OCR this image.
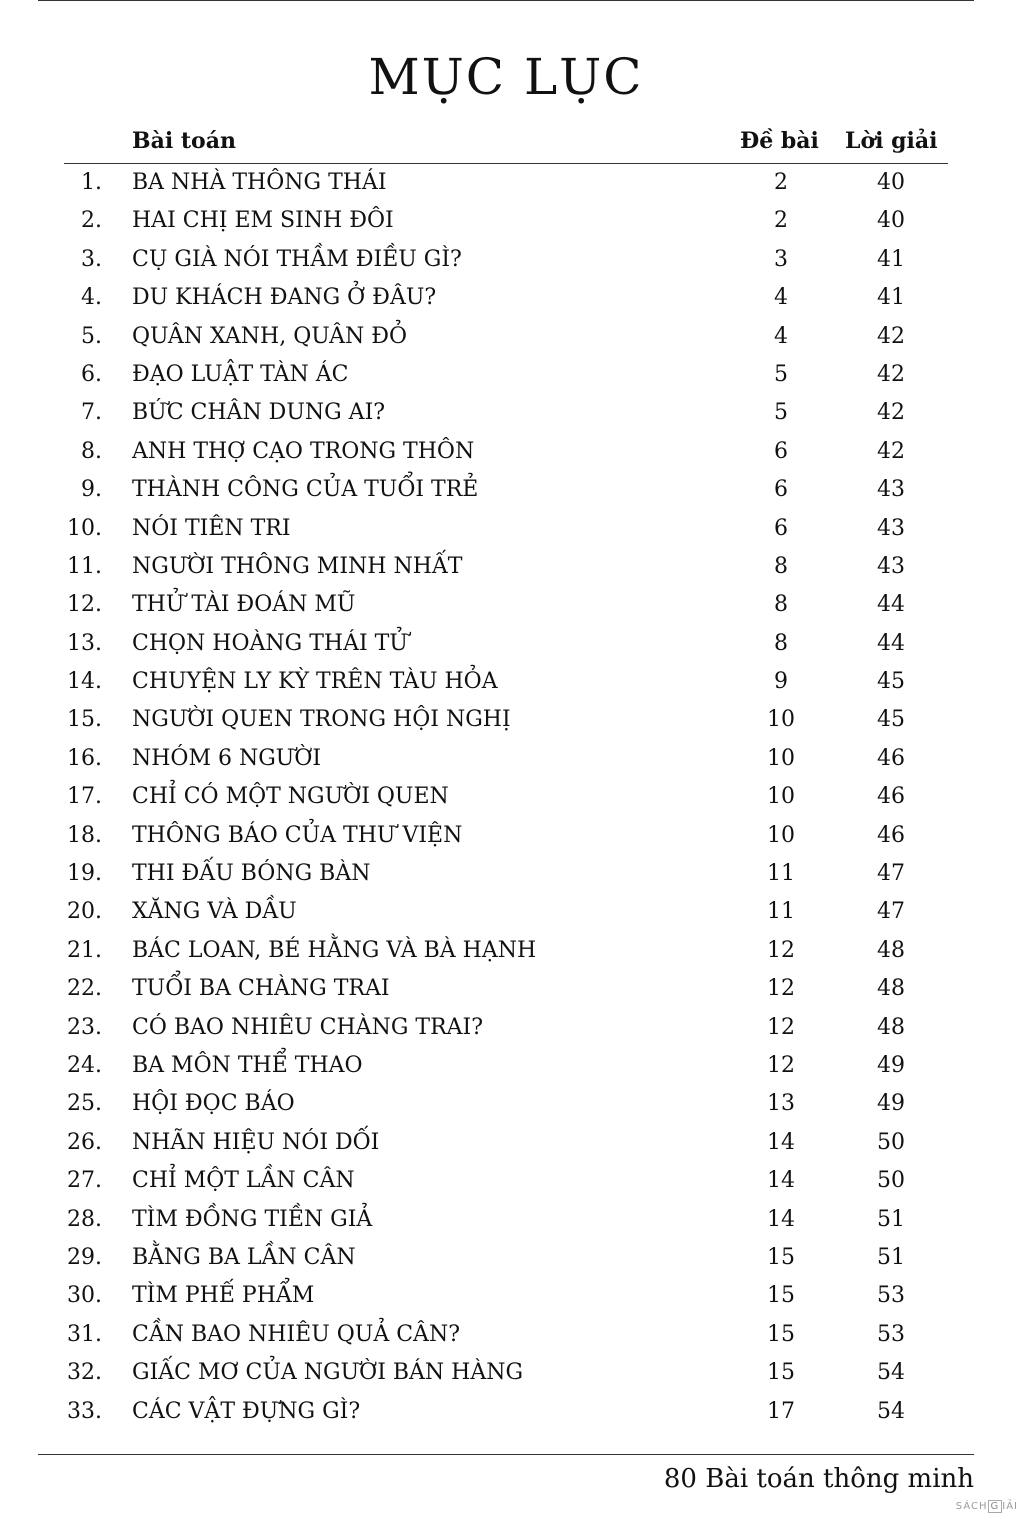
MỤC LỤC
Bài toán	Đề bài Lời giải
1. BA NHÀ THÔNG THÁI	2	40
2. HAI CHỊ EM SINH ĐÔI	2	40
3. CỤ GIÀ NÓI THẦM ĐIỀU GÌ?	3	41
4. DU KHÁCH ĐANG Ở ĐÂU?	4	41
5. QUÂN XANH, QUÂN ĐỎ	4	42
6. ĐẠO LUẬT TÀN ÁC	5	42
7. BỨC CHÂN DUNG AI?	5	42
8. ANH THỢ CẠO TRONG THÔN	6	42
9. THÀNH CÔNG CỦA TUỔI TRẺ	6	43
10. NÓI TIÊN TRI	6	43
11. NGƯỜI THÔNG MINH NHẤT	8	43
12. THỬ TÀI ĐOÁN MŨ	8	44
13. CHỌN HOÀNG THÁI TỬ	8	44
14. CHUYỆN LY KỲ TRÊN TÀU HỎA	9	45
15. NGƯỜI QUEN TRONG HỘI NGHỊ	10	45
16. NHÓM 6 NGƯỜI	10	46
17. CHỈ CÓ MỘT NGƯỜI QUEN	10	46
18. THÔNG BÁO CỦA THƯ VIỆN	10	46
19. THI ĐẤU BÓNG BÀN	11	47
20. XĂNG VÀ DẦU	11	47
21. BÁC LOAN, BÉ HẰNG VÀ BÀ HẠNH	12	48
22. TUỔI BA CHÀNG TRAI	12	48
23. CÓ BAO NHIÊU CHÀNG TRAI?	12	48
24. BA MÔN THỂ THAO	12	49
25. HỘI ĐỌC BÁO	13	49
26. NHÃN HIỆU NÓI DỐI	14	50
27. CHỈ MỘT LẦN CÂN	14	50
28. TÌM ĐỒNG TIỀN GIẢ	14	51
29. BẰNG BA LẦN CÂN	15	51
30. TÌM PHẾ PHẨM	15	53
31. CẦN BAO NHIÊU QUẢ CÂN?	15	53
32. GIẤC MƠ CỦA NGƯỜI BÁN HÀNG	15	54
33. CÁC VẬT ĐỰNG GÌ?	17	54
80 Bài toán thông minh
SÁCH G IẢI
